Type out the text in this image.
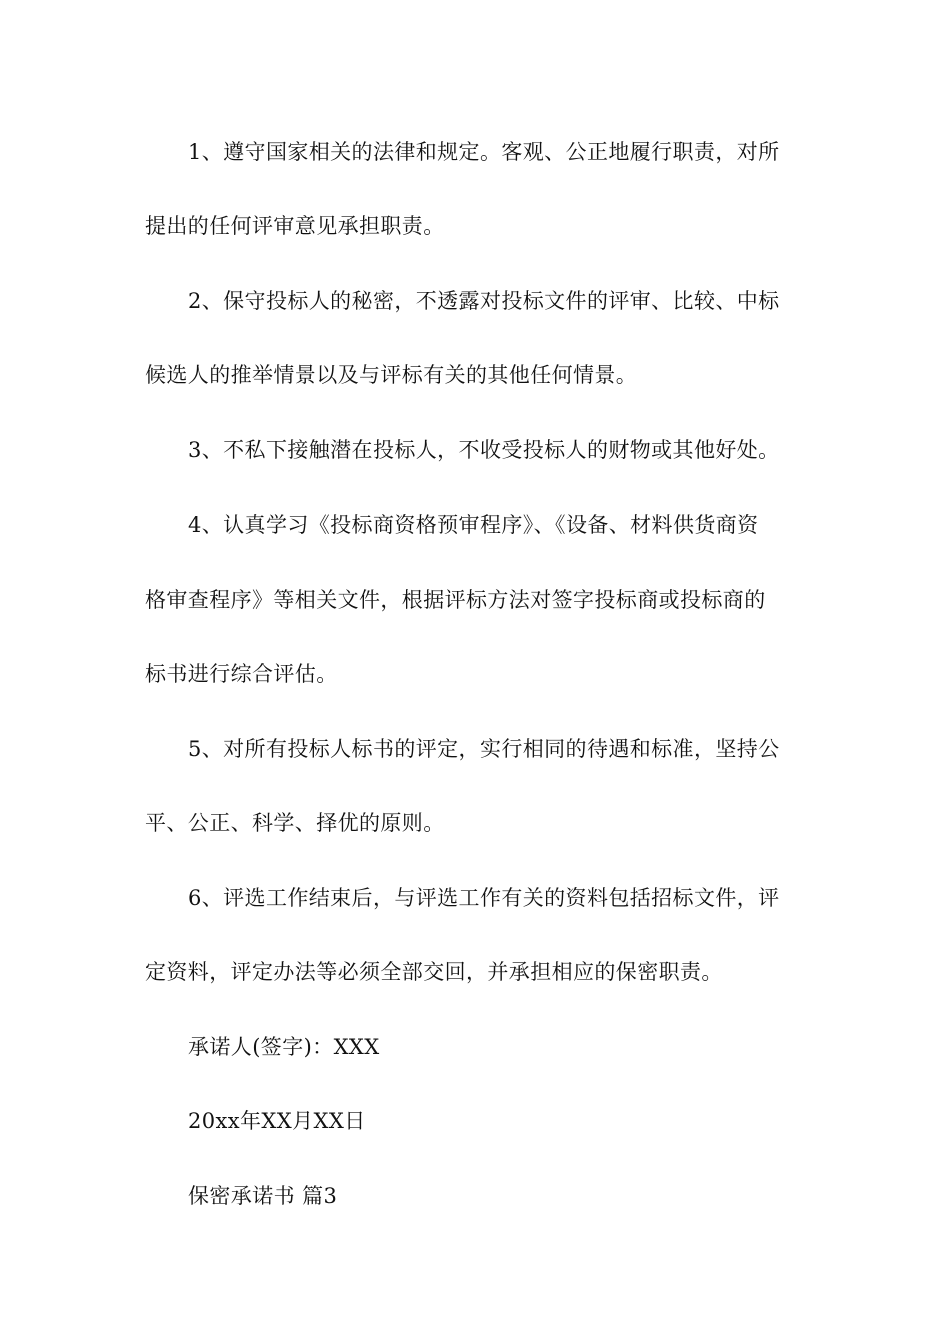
1、遵守国家相关的法律和规定。客观、公正地履行职责，对所
提出的任何评审意见承担职责。
2、保守投标人的秘密，不透露对投标文件的评审、比较、中标
候选人的推举情景以及与评标有关的其他任何情景。
3、不私下接触潜在投标人，不收受投标人的财物或其他好处。
4、认真学习《投标商资格预审程序》、《设备、材料供货商资
格审查程序》等相关文件，根据评标方法对签字投标商或投标商的
标书进行综合评估。
5、对所有投标人标书的评定，实行相同的待遇和标准，坚持公
平、公正、科学、择优的原则。
6、评选工作结束后，与评选工作有关的资料包括招标文件，评
定资料，评定办法等必须全部交回，并承担相应的保密职责。
承诺人(签字)：XXX
20xx年XX月XX日
保密承诺书 篇3
